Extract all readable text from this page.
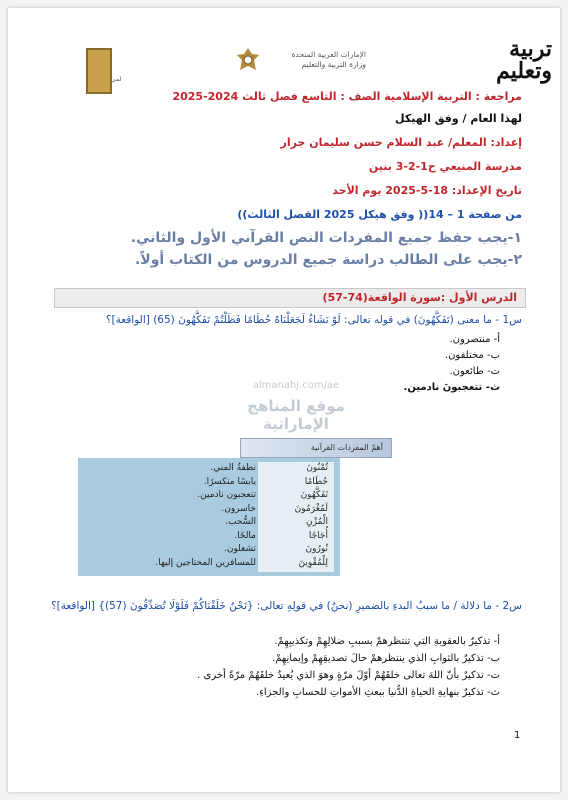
لمي
الإمارات العربية المتحدة
وزارة التربية والتعليم
تربية
وتعليم
مراجعة : التربية الإسلامية الصف : التاسع فصل ثالث 2024-2025
لهذا العام / وفق الهيكل
إعداد: المعلم/ عبد السلام حسن سليمان جرار
مدرسة المنيعي ح1-2-3 بنين
تاريخ الإعداد: 18-5-2025 يوم الأحد
من صفحة 1 – 14(( وفق هيكل 2025 الفصل الثالث))
١-يجب حفظ جميع المفردات النص القرآني الأول والثاني.
٢-يجب على الطالب دراسة جميع الدروس من الكتاب أولاً.
الدرس الأول :سورة الواقعة(74-57)
س1 - ما معنى (تَفَكَّهُونَ) في قوله تعالى: لَوْ نَشَاءُ لَجَعَلْنَاهُ حُطَامًا فَظَلْتُمْ تَفَكَّهُونَ (65) [الواقعة]؟
أ- منتصرون.
ب- مختلفون.
ت- طائعون.
ث- تتعجبونَ نادمين.
almanahj.com/ae
موقع المناهج الإماراتية
أهمّ المفردات القرآنية
نطفةُ المني.
يابسًا متكسرًا.
تتعجبون نادمين.
خاسرون.
السُّحب.
مالحًا.
تشعلون.
للمسافرين المحتاجين إليها.
تُمْنُونَ
حُطَامًا
تَفَكَّهُونَ
لَمُغْرَمُونَ
الْمُزْنِ
أُجَاجًا
تُورُونَ
لِلْمُقْوِينَ
س2 - ما دلالة / ما سببُ البدءِ بالضميرِ (نحنُ) في قولِهِ تعالى: {نَحْنُ خَلَقْنَاكُمْ فَلَوْلَا تُصَدِّقُونَ (57)} [الواقعة]؟
أ- تذكيرٌ بالعقوبةِ التي تنتظرهمْ بسببِ ضلالِهِمْ وتكذيبِهِمْ.
ب- تذكيرٌ بالثوابِ الذي ينتظرهمْ حالَ تصديقِهِمْ وإيمانِهِمْ.
ت- تذكيرٌ بأنّ اللهَ تعالى خلقَهُمْ أوّلَ مرّةٍ وهوَ الذي يُعيدُ خلقَهُمْ مرّةً أخرى .
ث- تذكيرٌ بنهايةِ الحياةِ الدُّنيا ببعثِ الأمواتِ للحسابِ والجزاءِ.
1
